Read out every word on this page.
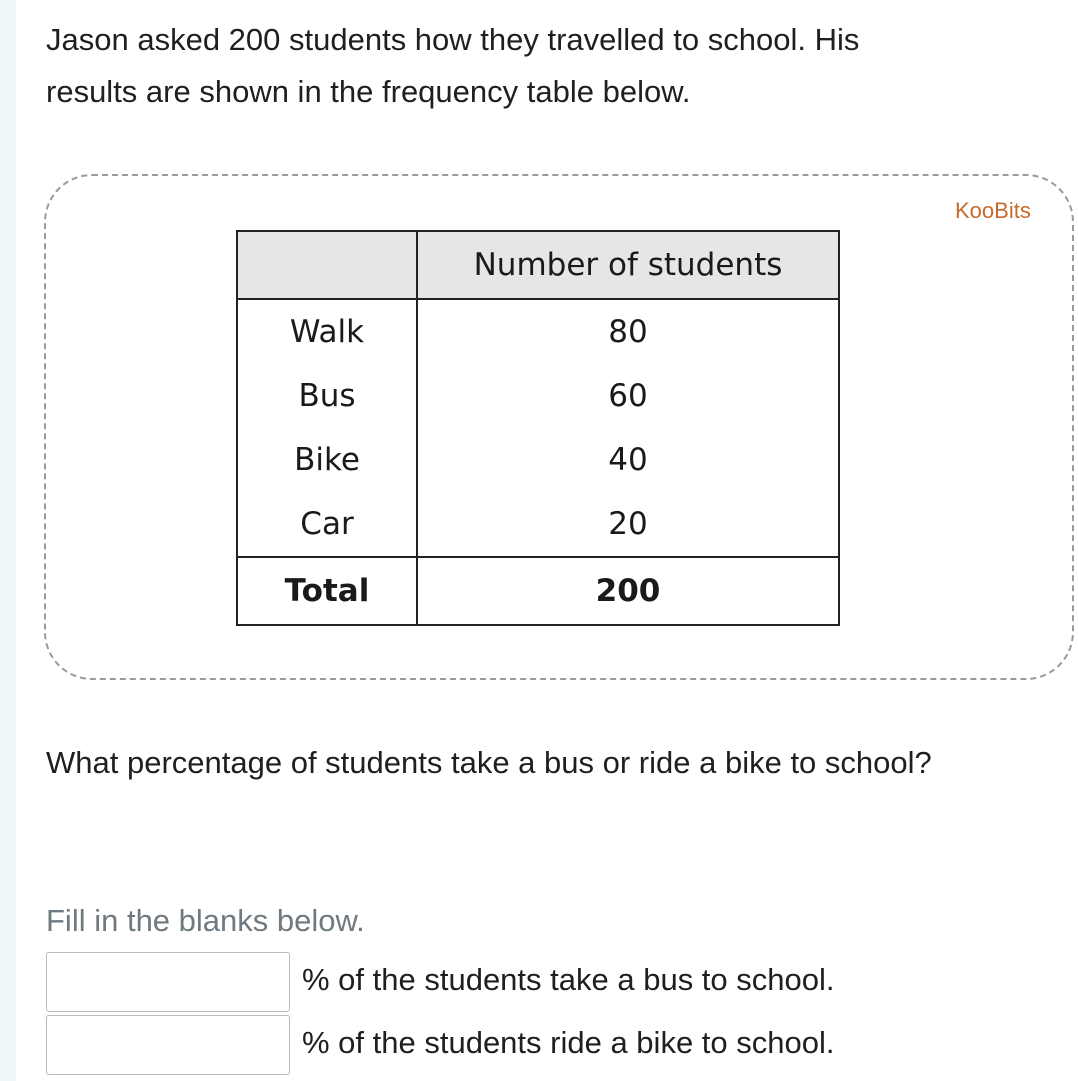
Jason asked 200 students how they travelled to school. His
results are shown in the frequency table below.
KooBits
	Number of students
Walk	80
Bus	60
Bike	40
Car	20
Total	200
What percentage of students take a bus or ride a bike to school?
Fill in the blanks below.
% of the students take a bus to school.
% of the students ride a bike to school.
